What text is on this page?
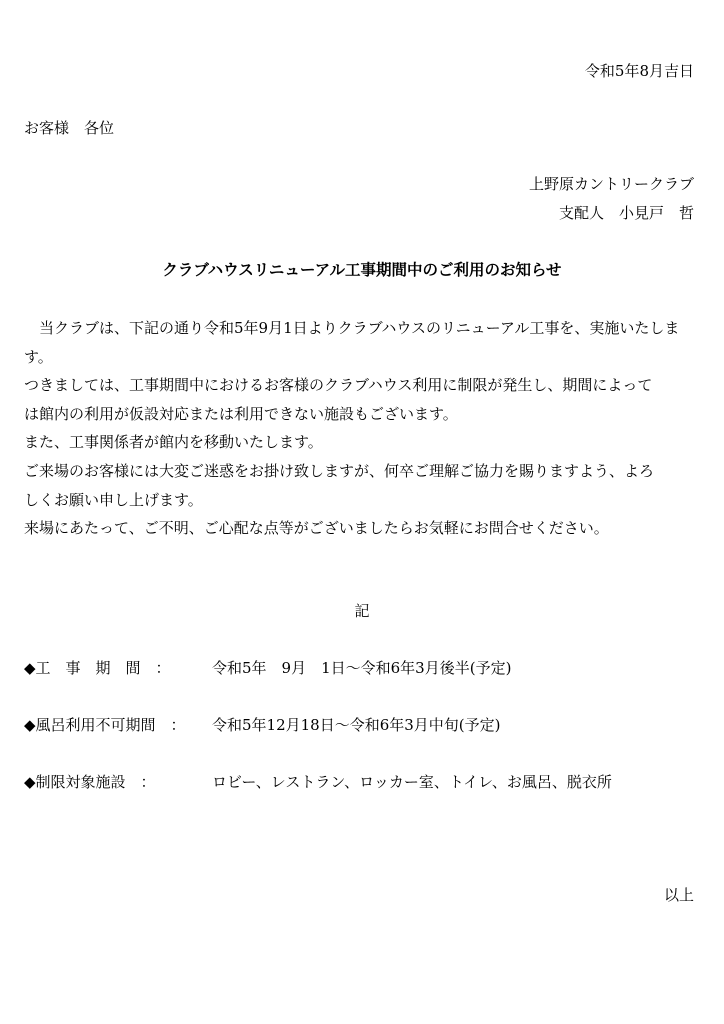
令和5年8月吉日
お客様　各位
上野原カントリークラブ
支配人　小見戸　哲
クラブハウスリニューアル工事期間中のご利用のお知らせ

　当クラブは、下記の通り令和5年9月1日よりクラブハウスのリニューアル工事を、実施いたしま

す。

つきましては、工事期間中におけるお客様のクラブハウス利用に制限が発生し、期間によって

は館内の利用が仮設対応または利用できない施設もございます。

また、工事関係者が館内を移動いたします。

ご来場のお客様には大変ご迷惑をお掛け致しますが、何卒ご理解ご協力を賜りますよう、よろ

しくお願い申し上げます。

来場にあたって、ご不明、ご心配な点等がございましたらお気軽にお問合せください。

記
◆工　事　期　間　：	令和5年　9月　1日～令和6年3月後半(予定)
◆風呂利用不可期間　： 令和5年12月18日～令和6年3月中旬(予定)
◆制限対象施設　：	ロビー、レストラン、ロッカー室、トイレ、お風呂、脱衣所
以上
